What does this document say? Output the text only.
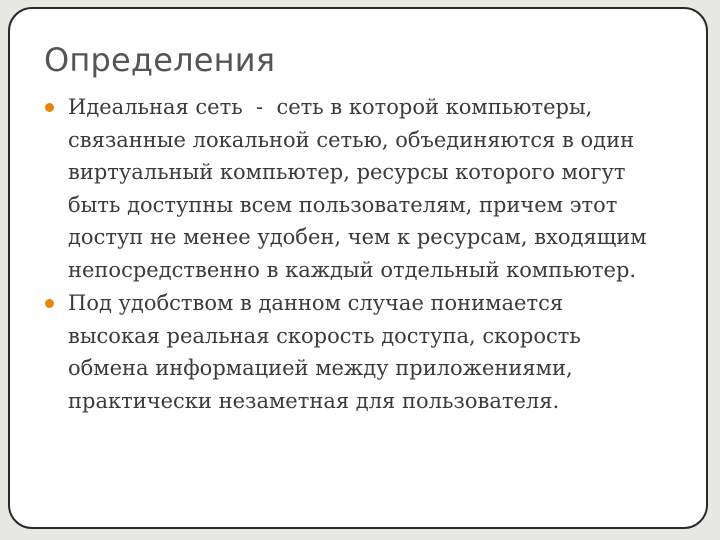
Определения
Идеальная сеть  -  сеть в которой компьютеры,
связанные локальной сетью, объединяются в один
виртуальный компьютер, ресурсы которого могут
быть доступны всем пользователям, причем этот
доступ не менее удобен, чем к ресурсам, входящим
непосредственно в каждый отдельный компьютер.
Под удобством в данном случае понимается
высокая реальная скорость доступа, скорость
обмена информацией между приложениями,
практически незаметная для пользователя.
